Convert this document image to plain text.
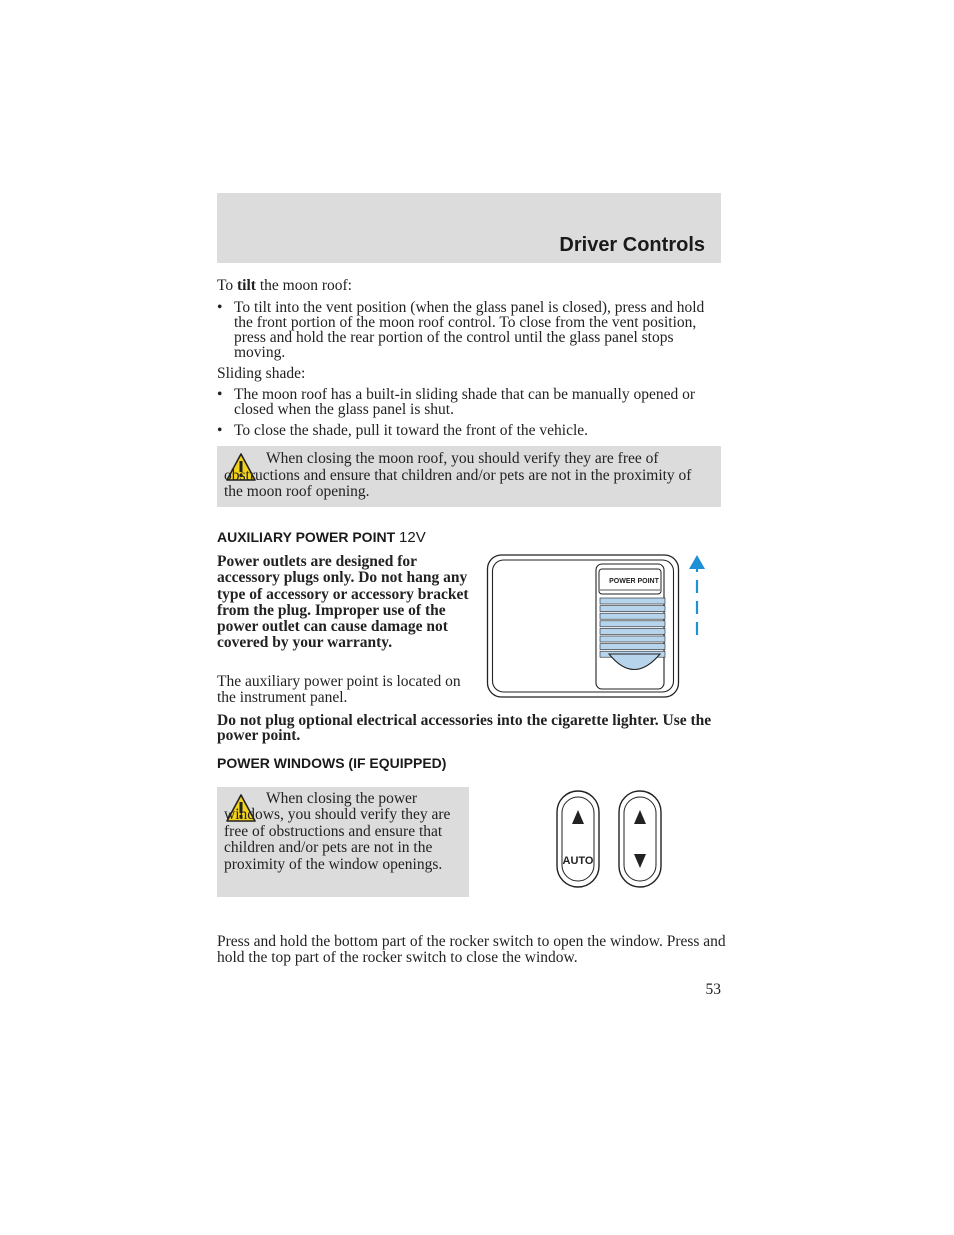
Driver Controls
To tilt the moon roof:
• To tilt into the vent position (when the glass panel is closed), press and hold the front portion of the moon roof control. To close from the vent position, press and hold the rear portion of the control until the glass panel stops moving.
Sliding shade:
• The moon roof has a built-in sliding shade that can be manually opened or closed when the glass panel is shut.
• To close the shade, pull it toward the front of the vehicle.
When closing the moon roof, you should verify they are free of obstructions and ensure that children and/or pets are not in the proximity of the moon roof opening.
AUXILIARY POWER POINT 12V
Power outlets are designed for accessory plugs only. Do not hang any type of accessory or accessory bracket from the plug. Improper use of the power outlet can cause damage not covered by your warranty.
The auxiliary power point is located on the instrument panel.
POWER POINT
Do not plug optional electrical accessories into the cigarette lighter. Use the power point.
POWER WINDOWS (IF EQUIPPED)
When closing the power windows, you should verify they are free of obstructions and ensure that children and/or pets are not in the proximity of the window openings.	AUTO
Press and hold the bottom part of the rocker switch to open the window. Press and hold the top part of the rocker switch to close the window.
53
